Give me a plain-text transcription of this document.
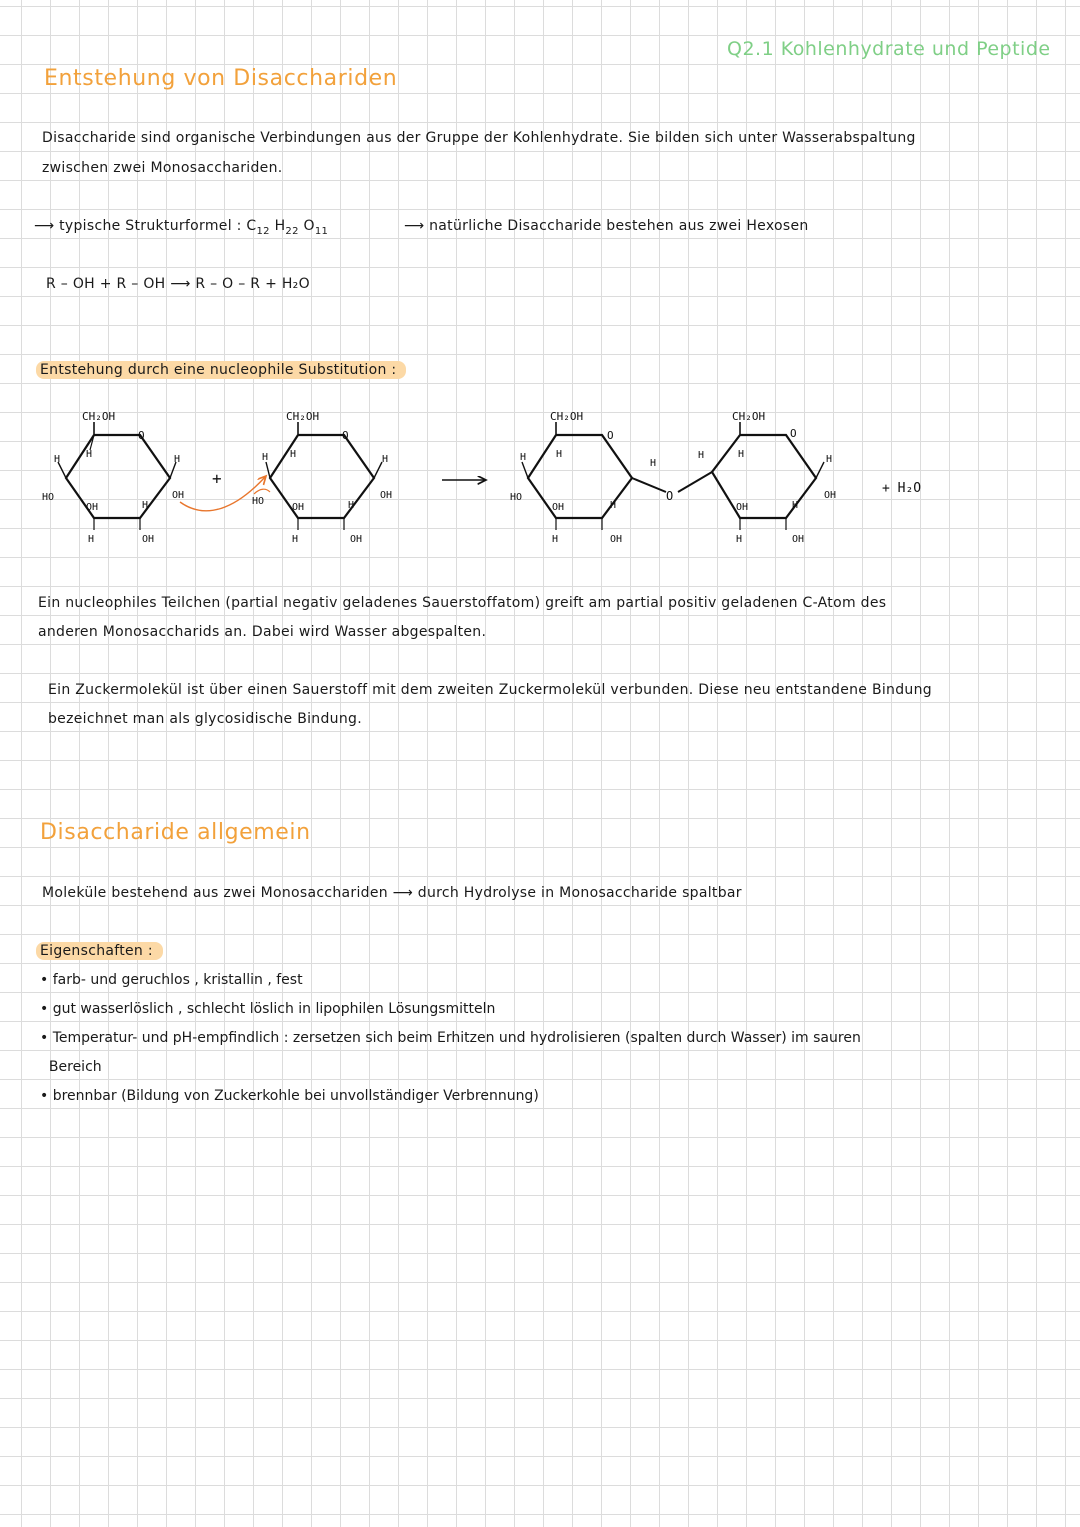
Q2.1 Kohlenhydrate und Peptide
Entstehung von Disacchariden
Disaccharide sind organische Verbindungen aus der Gruppe der Kohlenhydrate. Sie bilden sich unter Wasserabspaltung
zwischen zwei Monosacchariden.
⟶ typische Strukturformel : $C_{12}$ $H_{22}$ $O_{11}$	⟶ natürliche Disaccharide bestehen aus zwei Hexosen
R – OH + R – OH ⟶ R – O – R + H₂O
Entstehung durch eine nucleophile Substitution :
CH₂OH
O
H
HO
H
OH
H
H
OH
H
OH
+
CH₂OH
O
H
HO
H
OH
H
H
OH
H
OH
CH₂OH
O
H
HO
H
OH
H
H
OH
H
O
CH₂OH
O
H	H
OH
H
H
OH
H
OH	+ H₂O
Ein nucleophiles Teilchen (partial negativ geladenes Sauerstoffatom) greift am partial positiv geladenen C-Atom des
anderen Monosaccharids an. Dabei wird Wasser abgespalten.
Ein Zuckermolekül ist über einen Sauerstoff mit dem zweiten Zuckermolekül verbunden. Diese neu entstandene Bindung
bezeichnet man als glycosidische Bindung.
Disaccharide allgemein
Moleküle bestehend aus zwei Monosacchariden ⟶ durch Hydrolyse in Monosaccharide spaltbar
Eigenschaften :
• farb- und geruchlos , kristallin , fest
• gut wasserlöslich , schlecht löslich in lipophilen Lösungsmitteln
• Temperatur- und pH-empfindlich : zersetzen sich beim Erhitzen und hydrolisieren (spalten durch Wasser) im sauren
Bereich
• brennbar (Bildung von Zuckerkohle bei unvollständiger Verbrennung)
